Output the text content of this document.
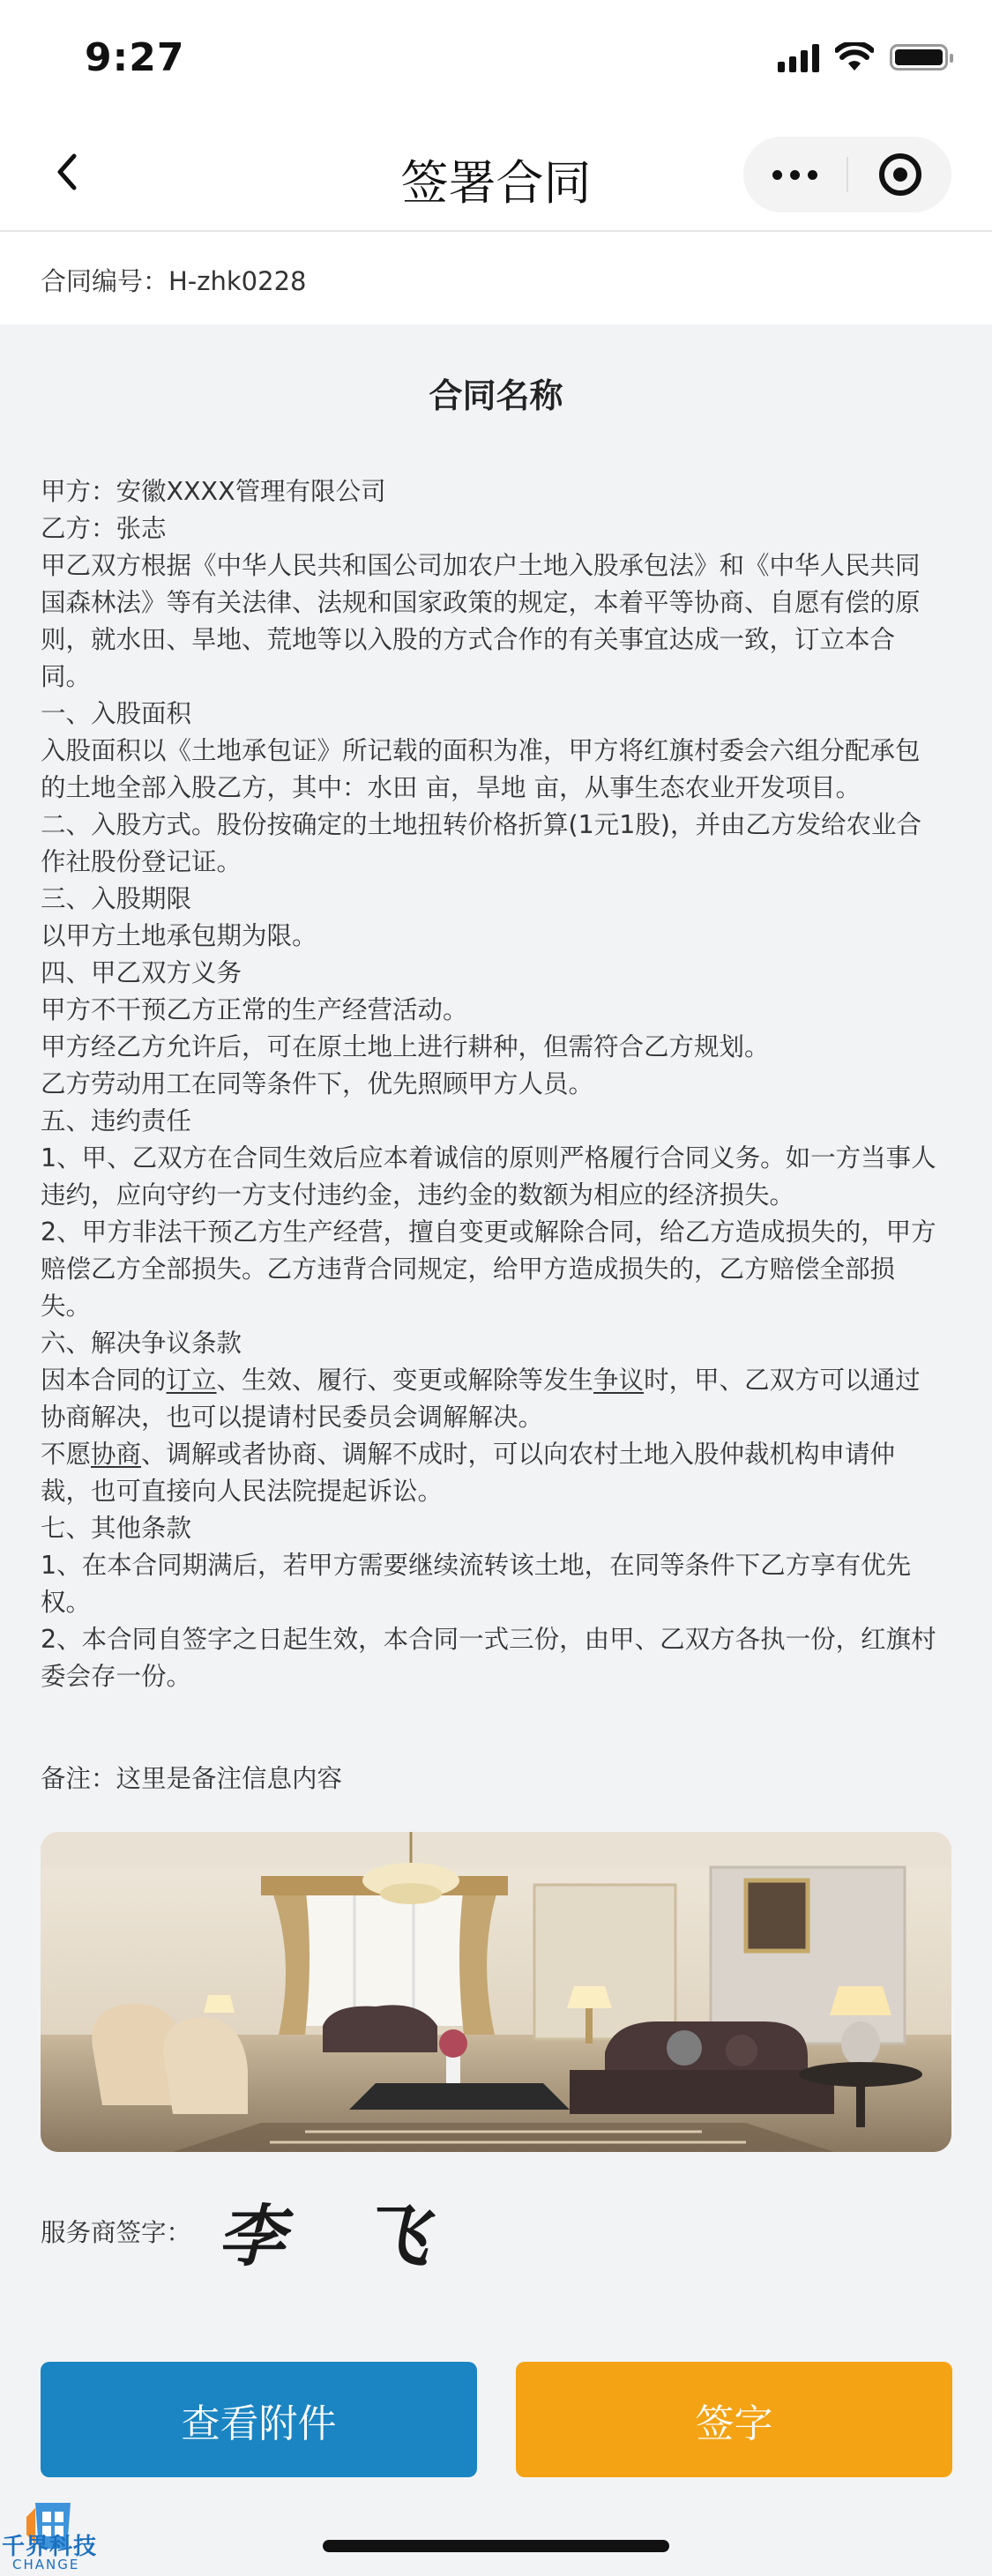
9:27
签署合同
合同编号：H-zhk0228
合同名称
甲方：安徽XXXX管理有限公司
乙方：张志
甲乙双方根据《中华人民共和国公司加农户土地入股承包法》和《中华人民共同
国森林法》等有关法律、法规和国家政策的规定，本着平等协商、自愿有偿的原
则，就水田、旱地、荒地等以入股的方式合作的有关事宜达成一致，订立本合
同。
一、入股面积
入股面积以《土地承包证》所记载的面积为准，甲方将红旗村委会六组分配承包
的土地全部入股乙方，其中：水田 亩，旱地 亩，从事生态农业开发项目。
二、入股方式。股份按确定的土地扭转价格折算(1元1股)，并由乙方发给农业合
作社股份登记证。
三、入股期限
以甲方土地承包期为限。
四、甲乙双方义务
甲方不干预乙方正常的生产经营活动。
甲方经乙方允许后，可在原土地上进行耕种，但需符合乙方规划。
乙方劳动用工在同等条件下，优先照顾甲方人员。
五、违约责任
1、甲、乙双方在合同生效后应本着诚信的原则严格履行合同义务。如一方当事人
违约，应向守约一方支付违约金，违约金的数额为相应的经济损失。
2、甲方非法干预乙方生产经营，擅自变更或解除合同，给乙方造成损失的，甲方
赔偿乙方全部损失。乙方违背合同规定，给甲方造成损失的，乙方赔偿全部损
失。
六、解决争议条款
因本合同的订立、生效、履行、变更或解除等发生争议时，甲、乙双方可以通过
协商解决，也可以提请村民委员会调解解决。
不愿协商、调解或者协商、调解不成时，可以向农村土地入股仲裁机构申请仲
裁，也可直接向人民法院提起诉讼。
七、其他条款
1、在本合同期满后，若甲方需要继续流转该土地，在同等条件下乙方享有优先
权。
2、本合同自签字之日起生效，本合同一式三份，由甲、乙双方各执一份，红旗村
委会存一份。
备注：这里是备注信息内容
服务商签字： 李 飞
查看附件	签字
千界科技
CHANGE
